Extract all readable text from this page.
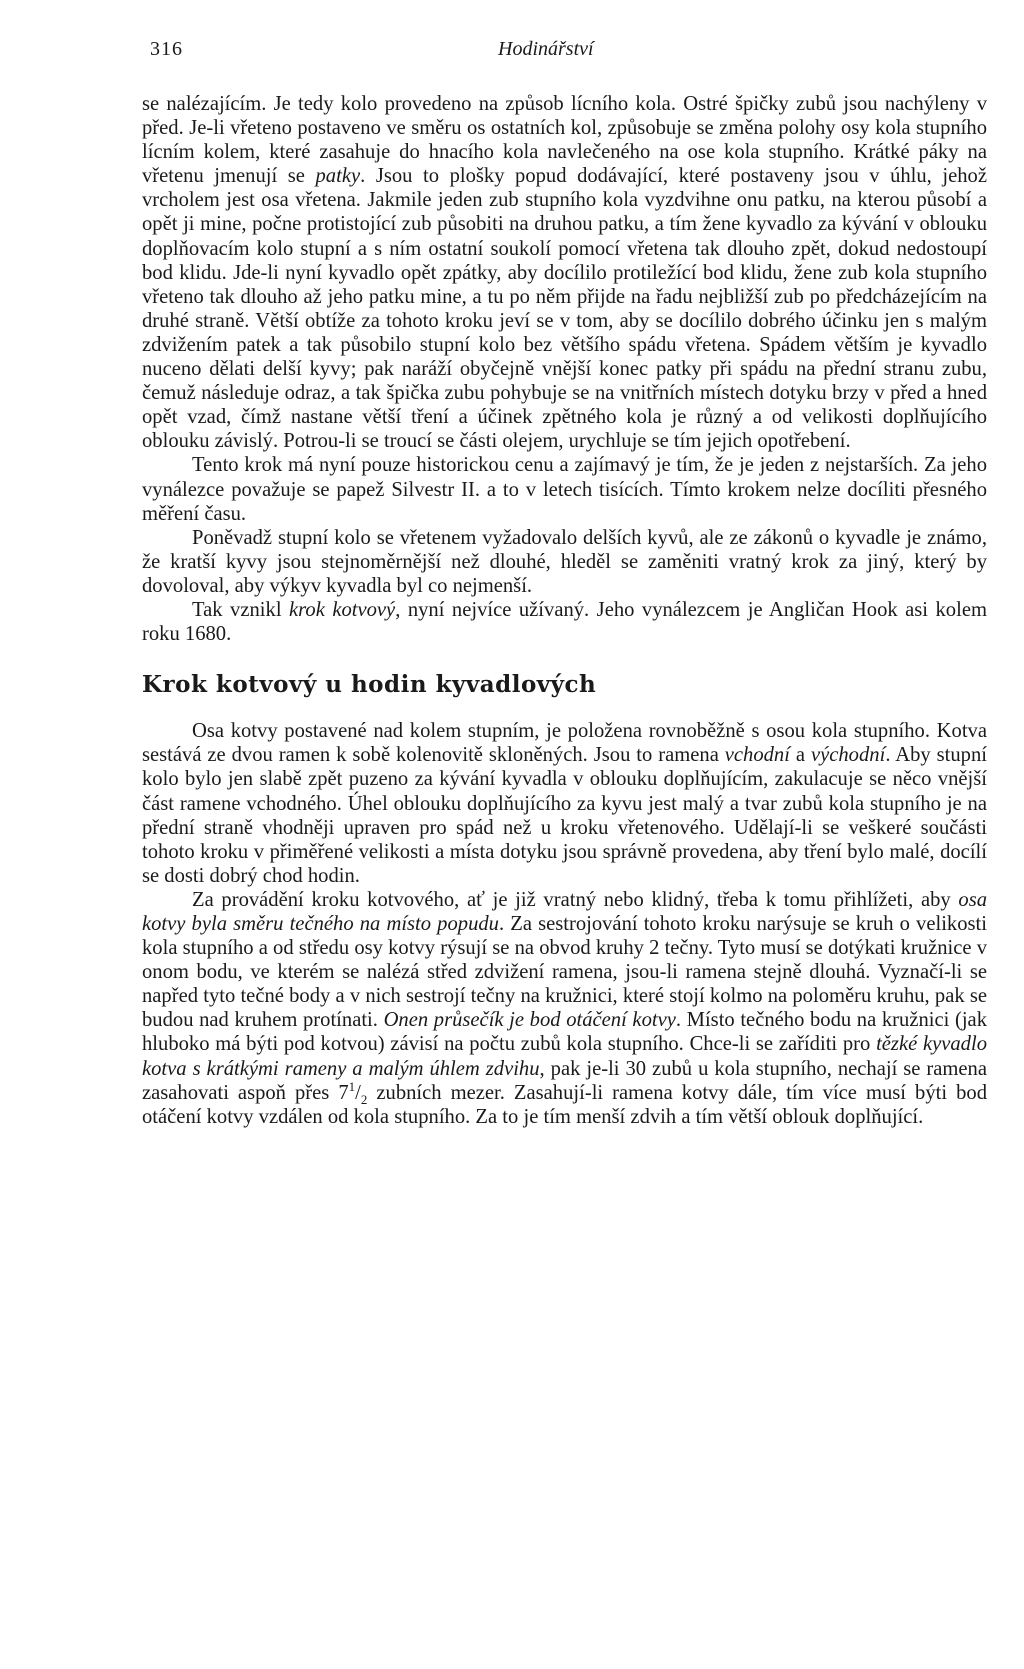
316	Hodinářství

se nalézajícím. Je tedy kolo provedeno na způsob lícního kola. Ostré špičky zubů jsou nachýleny v před. Je-li vřeteno postaveno ve směru os ostatních kol, způsobuje se změna polohy osy kola stupního lícním kolem, které zasahuje do hnacího kola navlečeného na ose kola stupního. Krátké páky na vřetenu jmenují se patky. Jsou to plošky popud dodávající, které postaveny jsou v úhlu, jehož vrcholem jest osa vřetena. Jakmile jeden zub stupního kola vyzdvihne onu patku, na kterou působí a opět ji mine, počne protistojící zub působiti na druhou patku, a tím žene kyvadlo za kývání v oblouku doplňovacím kolo stupní a s ním ostatní soukolí pomocí vřetena tak dlouho zpět, dokud nedostoupí bod klidu. Jde-li nyní kyvadlo opět zpátky, aby docílilo protiležící bod klidu, žene zub kola stupního vřeteno tak dlouho až jeho patku mine, a tu po něm přijde na řadu nejbližší zub po předcházejícím na druhé straně. Větší obtíže za tohoto kroku jeví se v tom, aby se docílilo dobrého účinku jen s malým zdvižením patek a tak působilo stupní kolo bez většího spádu vřetena. Spádem větším je kyvadlo nuceno dělati delší kyvy; pak naráží obyčejně vnější konec patky při spádu na přední stranu zubu, čemuž následuje odraz, a tak špička zubu pohybuje se na vnitřních místech dotyku brzy v před a hned opět vzad, čímž nastane větší tření a účinek zpětného kola je různý a od velikosti doplňujícího oblouku závislý. Potrou-li se troucí se části olejem, urychluje se tím jejich opotřebení.

Tento krok má nyní pouze historickou cenu a zajímavý je tím, že je jeden z nejstarších. Za jeho vynálezce považuje se papež Silvestr II. a to v letech tisících. Tímto krokem nelze docíliti přesného měření času.

Poněvadž stupní kolo se vřetenem vyžadovalo delších kyvů, ale ze zákonů o kyvadle je známo, že kratší kyvy jsou stejnoměrnější než dlouhé, hleděl se zaměniti vratný krok za jiný, který by dovoloval, aby výkyv kyvadla byl co nejmenší.

Tak vznikl krok kotvový, nyní nejvíce užívaný. Jeho vynálezcem je Angličan Hook asi kolem roku 1680.

Krok kotvový u hodin kyvadlových

Osa kotvy postavené nad kolem stupním, je položena rovnoběžně s osou kola stupního. Kotva sestává ze dvou ramen k sobě kolenovitě skloněných. Jsou to ramena vchodní a východní. Aby stupní kolo bylo jen slabě zpět puzeno za kývání kyvadla v oblouku doplňujícím, zakulacuje se něco vnější část ramene vchodného. Úhel oblouku doplňujícího za kyvu jest malý a tvar zubů kola stupního je na přední straně vhodněji upraven pro spád než u kroku vřetenového. Udělají-li se veškeré součásti tohoto kroku v přiměřené velikosti a místa dotyku jsou správně provedena, aby tření bylo malé, docílí se dosti dobrý chod hodin.

Za provádění kroku kotvového, ať je již vratný nebo klidný, třeba k tomu přihlížeti, aby osa kotvy byla směru tečného na místo popudu. Za sestrojování tohoto kroku narýsuje se kruh o velikosti kola stupního a od středu osy kotvy rýsují se na obvod kruhy 2 tečny. Tyto musí se dotýkati kružnice v onom bodu, ve kterém se nalézá střed zdvižení ramena, jsou-li ramena stejně dlouhá. Vyznačí-li se napřed tyto tečné body a v nich sestrojí tečny na kružnici, které stojí kolmo na poloměru kruhu, pak se budou nad kruhem protínati. Onen průsečík je bod otáčení kotvy. Místo tečného bodu na kružnici (jak hluboko má býti pod kotvou) závisí na počtu zubů kola stupního. Chce-li se zaříditi pro tězké kyvadlo kotva s krátkými rameny a malým úhlem zdvihu, pak je-li 30 zubů u kola stupního, nechají se ramena zasahovati aspoň přes $7^1/_2$ zubních mezer. Zasahují-li ramena kotvy dále, tím více musí býti bod otáčení kotvy vzdálen od kola stupního. Za to je tím menší zdvih a tím větší oblouk doplňující.
